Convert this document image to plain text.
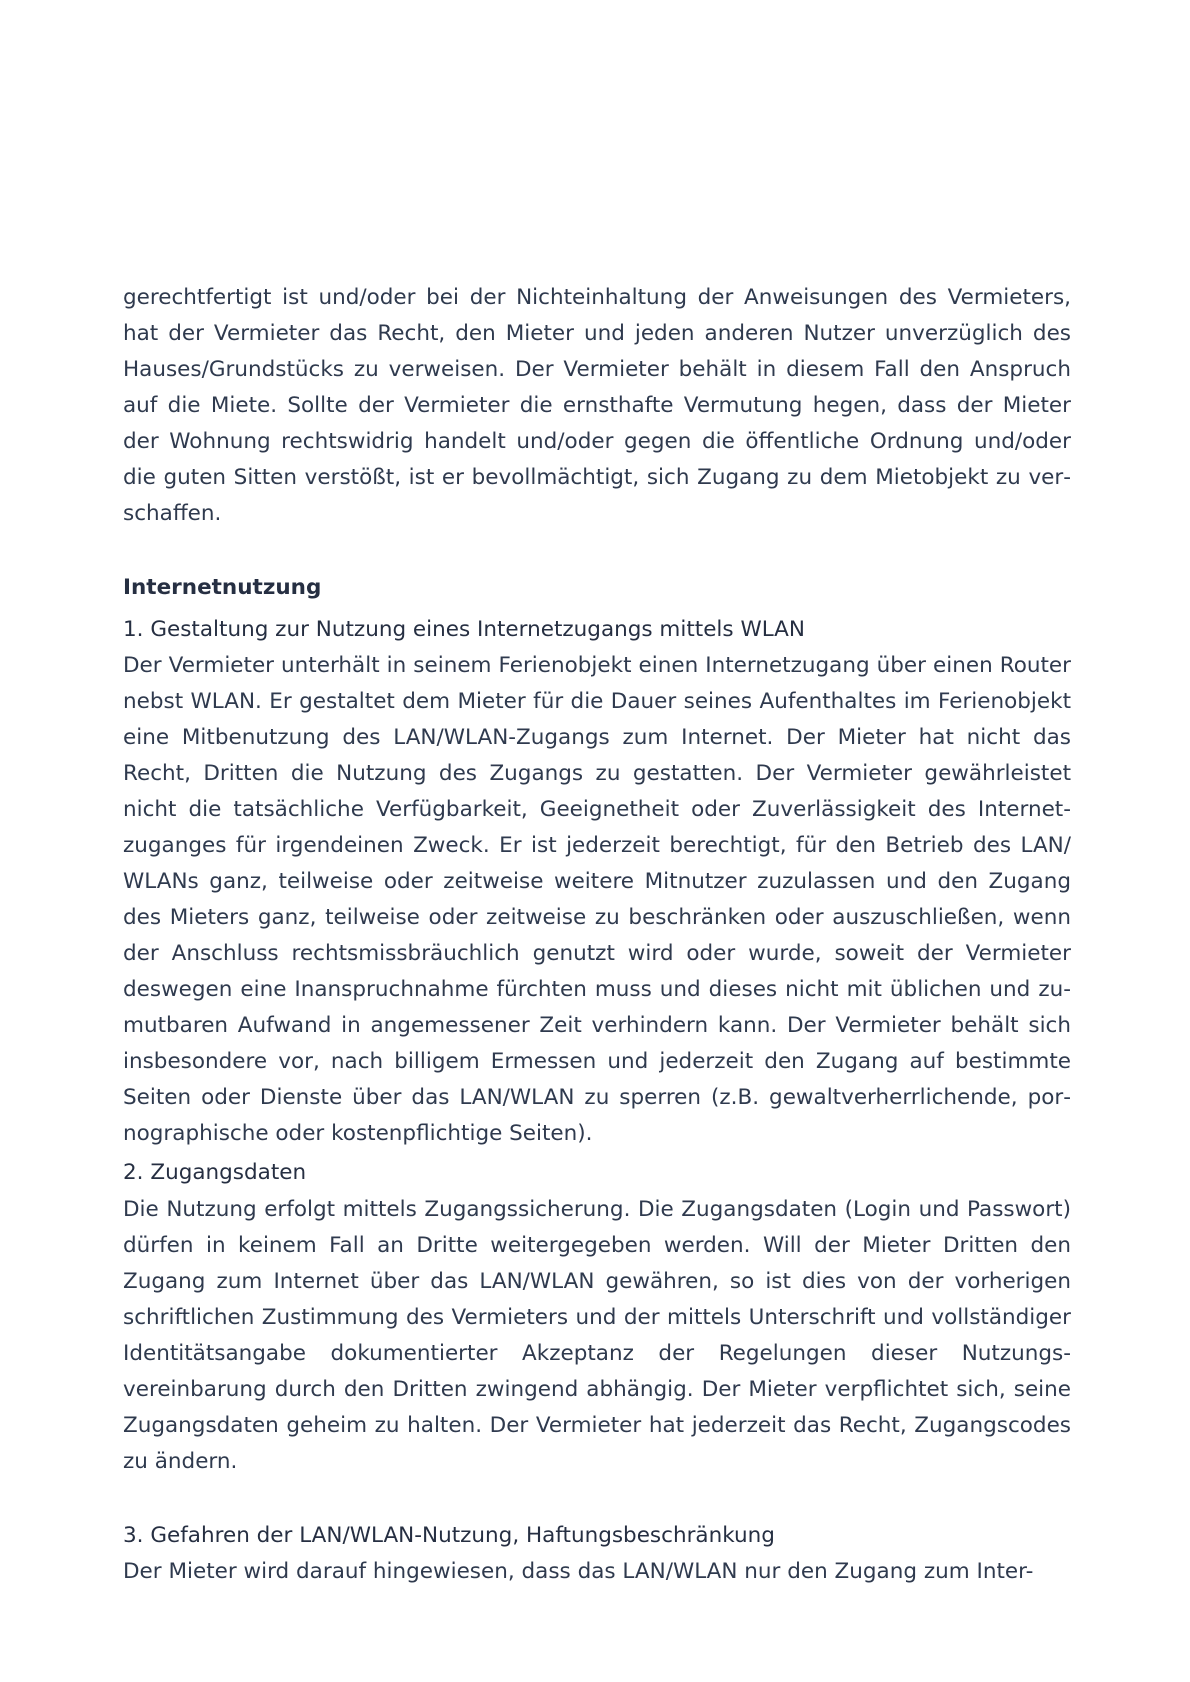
gerechtfertigt ist und/oder bei der Nichteinhaltung der Anweisungen des Vermieters, hat der Vermieter das Recht, den Mieter und jeden anderen Nutzer unverzüglich des Hauses/Grundstücks zu verweisen. Der Vermieter behält in diesem Fall den Anspruch auf die Miete. Sollte der Vermieter die ernsthafte Vermutung hegen, dass der Mieter der Wohnung rechtswidrig handelt und/oder gegen die öffentliche Ordnung und/oder die guten Sitten verstößt, ist er bevollmächtigt, sich Zugang zu dem Mietobjekt zu verschaffen.

Internetnutzung
1. Gestaltung zur Nutzung eines Internetzugangs mittels WLAN

Der Vermieter unterhält in seinem Ferienobjekt einen Internetzugang über einen Router nebst WLAN. Er gestaltet dem Mieter für die Dauer seines Aufenthaltes im Ferienobjekt eine Mitbenutzung des LAN/WLAN-Zugangs zum Internet. Der Mieter hat nicht das Recht, Dritten die Nutzung des Zugangs zu gestatten. Der Vermieter gewährleistet nicht die tatsächliche Verfügbarkeit, Geeignetheit oder Zuverlässigkeit des Internetzuganges für irgendeinen Zweck. Er ist jederzeit berechtigt, für den Betrieb des LAN/ WLANs ganz, teilweise oder zeitweise weitere Mitnutzer zuzulassen und den Zugang des Mieters ganz, teilweise oder zeitweise zu beschränken oder auszuschließen, wenn der Anschluss rechtsmissbräuchlich genutzt wird oder wurde, soweit der Vermieter deswegen eine Inanspruchnahme fürchten muss und dieses nicht mit üblichen und zumutbaren Aufwand in angemessener Zeit verhindern kann. Der Vermieter behält sich insbesondere vor, nach billigem Ermessen und jederzeit den Zugang auf bestimmte Seiten oder Dienste über das LAN/WLAN zu sperren (z.B. gewaltverherrlichende, pornographische oder kostenpflichtige Seiten).

2. Zugangsdaten

Die Nutzung erfolgt mittels Zugangssicherung. Die Zugangsdaten (Login und Passwort) dürfen in keinem Fall an Dritte weitergegeben werden. Will der Mieter Dritten den Zugang zum Internet über das LAN/WLAN gewähren, so ist dies von der vorherigen schriftlichen Zustimmung des Vermieters und der mittels Unterschrift und vollständiger Identitätsangabe dokumentierter Akzeptanz der Regelungen dieser Nutzungsvereinbarung durch den Dritten zwingend abhängig. Der Mieter verpflichtet sich, seine Zugangsdaten geheim zu halten. Der Vermieter hat jederzeit das Recht, Zugangscodes zu ändern.

3. Gefahren der LAN/WLAN-Nutzung, Haftungsbeschränkung

Der Mieter wird darauf hingewiesen, dass das LAN/WLAN nur den Zugang zum Inter-
